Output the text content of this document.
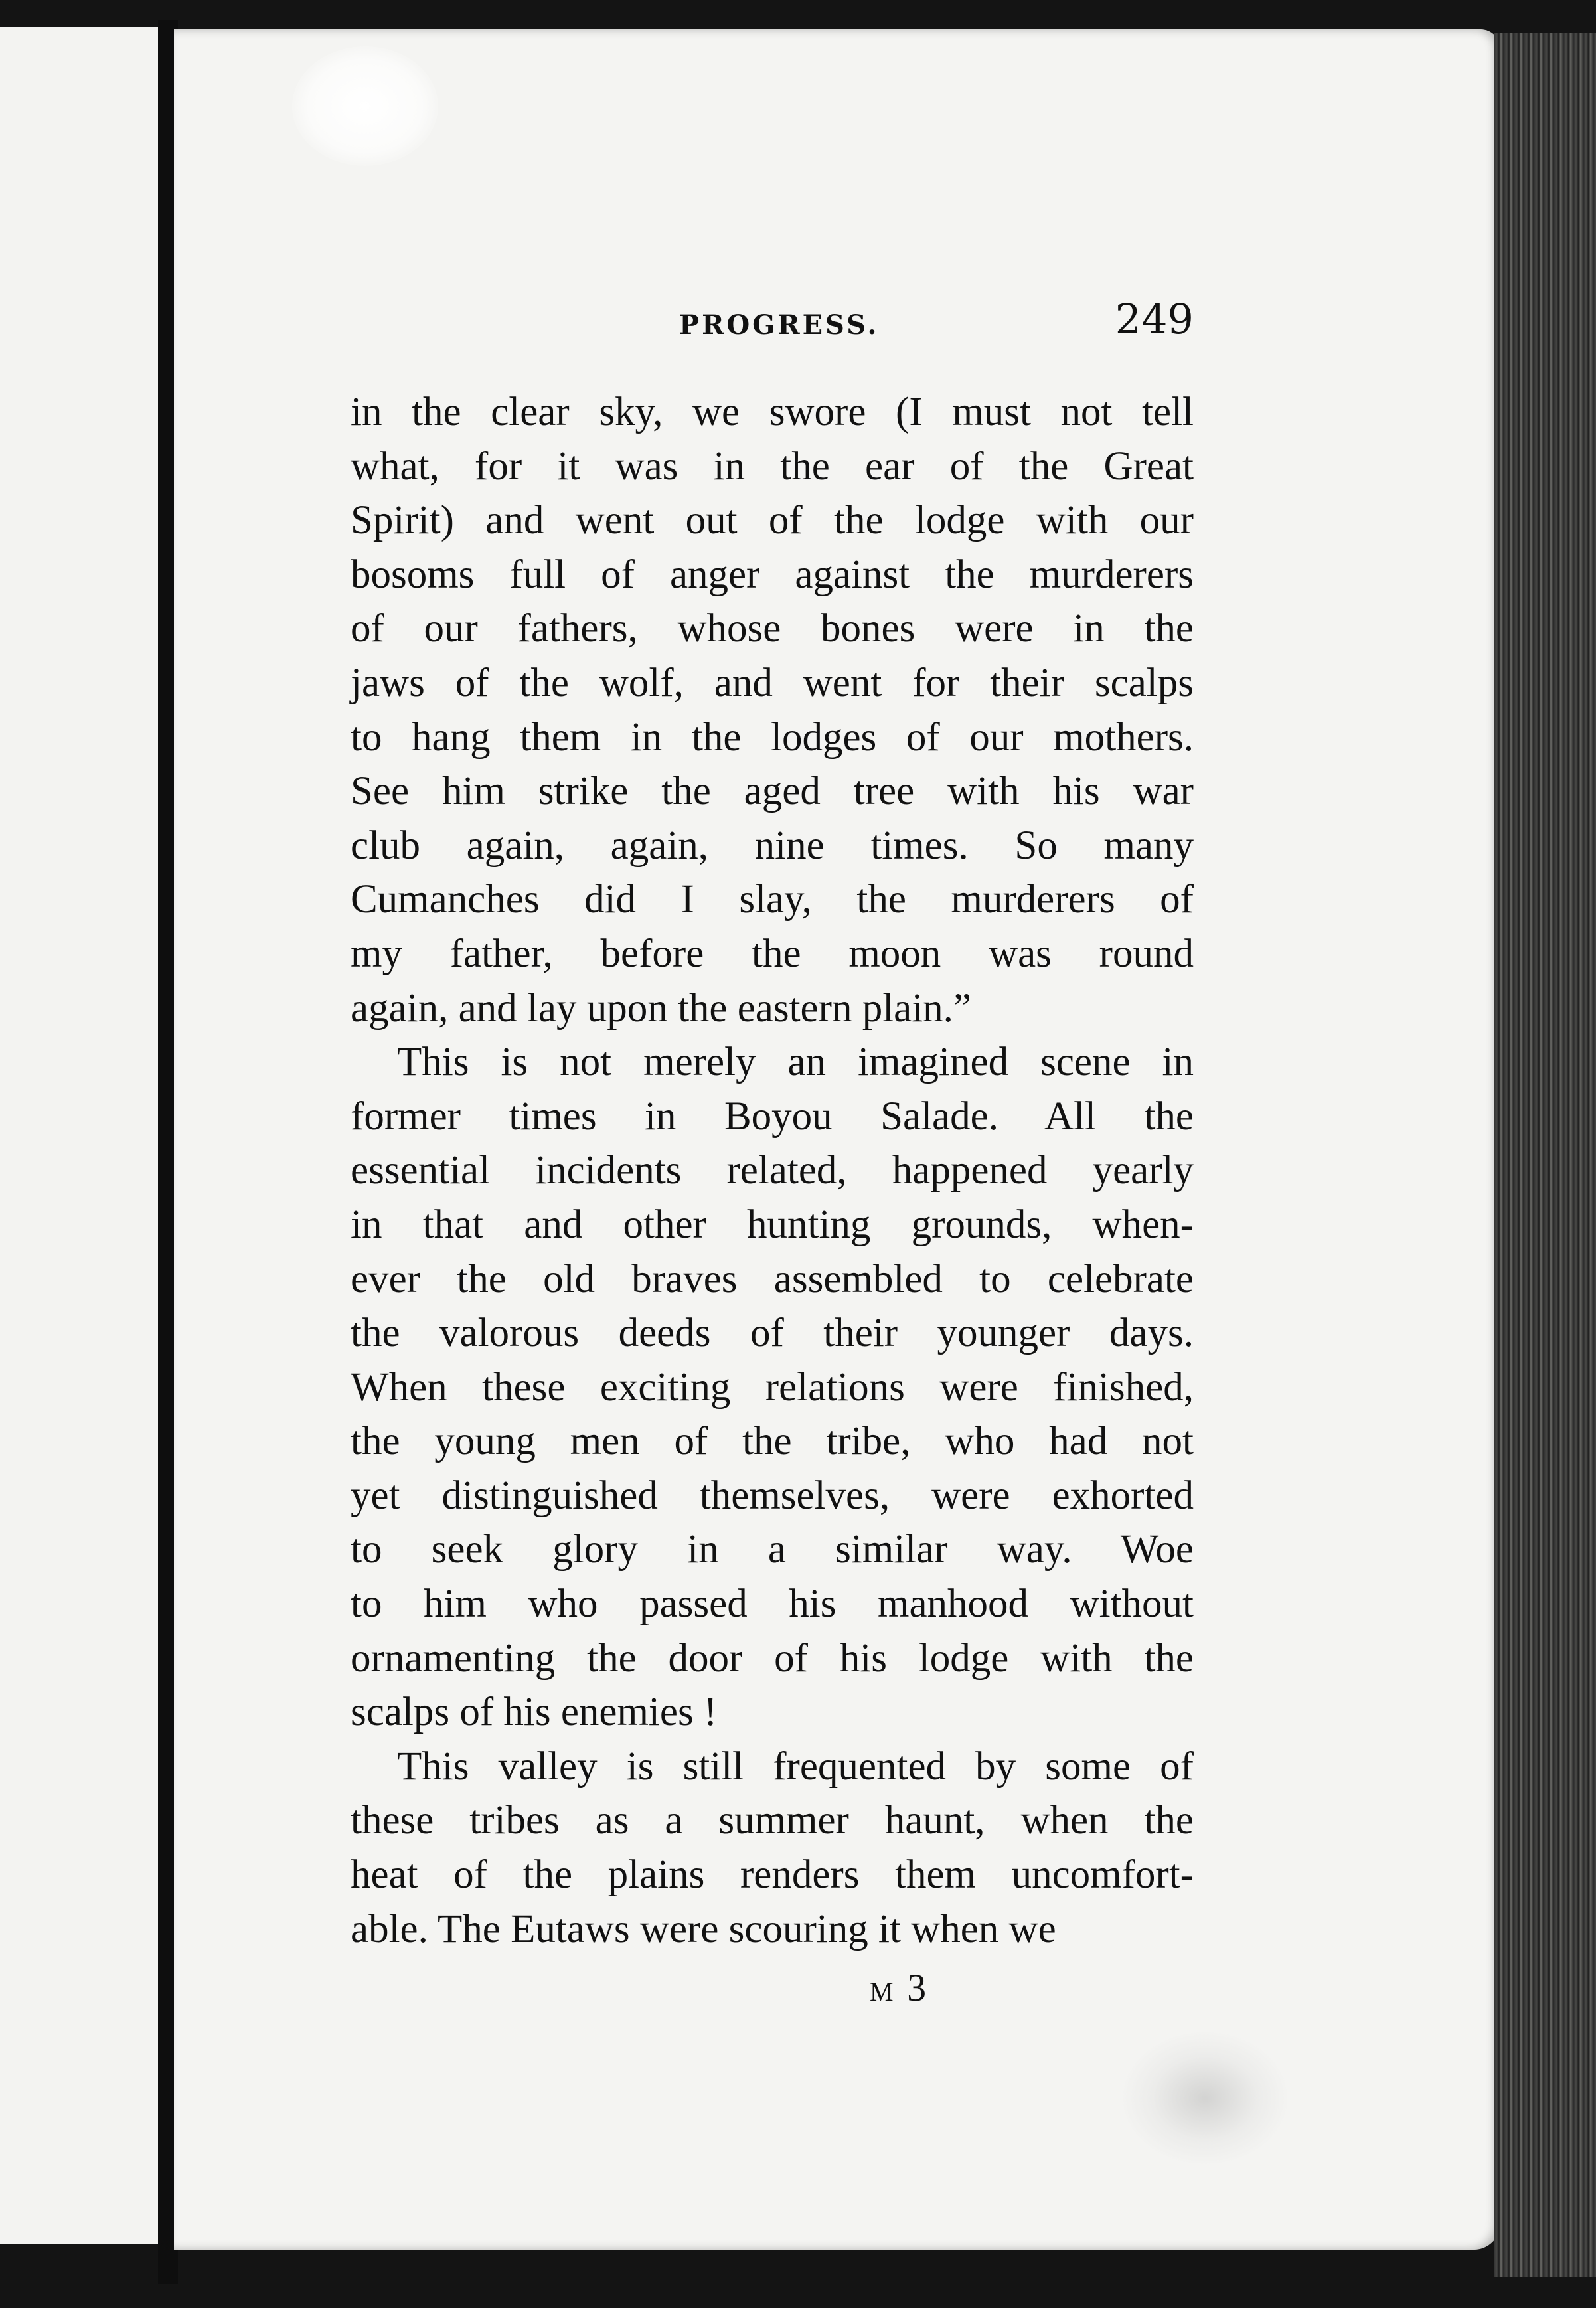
PROGRESS.	249
in the clear sky, we swore (I must not tell
what, for it was in the ear of the Great
Spirit) and went out of the lodge with our
bosoms full of anger against the murderers
of our fathers, whose bones were in the
jaws of the wolf, and went for their scalps
to hang them in the lodges of our mothers.
See him strike the aged tree with his war
club again, again, nine times. So many
Cumanches did I slay, the murderers of
my father, before the moon was round
again, and lay upon the eastern plain.”
This is not merely an imagined scene in
former times in Boyou Salade. All the
essential incidents related, happened yearly
in that and other hunting grounds, when-
ever the old braves assembled to celebrate
the valorous deeds of their younger days.
When these exciting relations were finished,
the young men of the tribe, who had not
yet distinguished themselves, were exhorted
to seek glory in a similar way. Woe
to him who passed his manhood without
ornamenting the door of his lodge with the
scalps of his enemies !
This valley is still frequented by some of
these tribes as a summer haunt, when the
heat of the plains renders them uncomfort-
able. The Eutaws were scouring it when we
M 3
